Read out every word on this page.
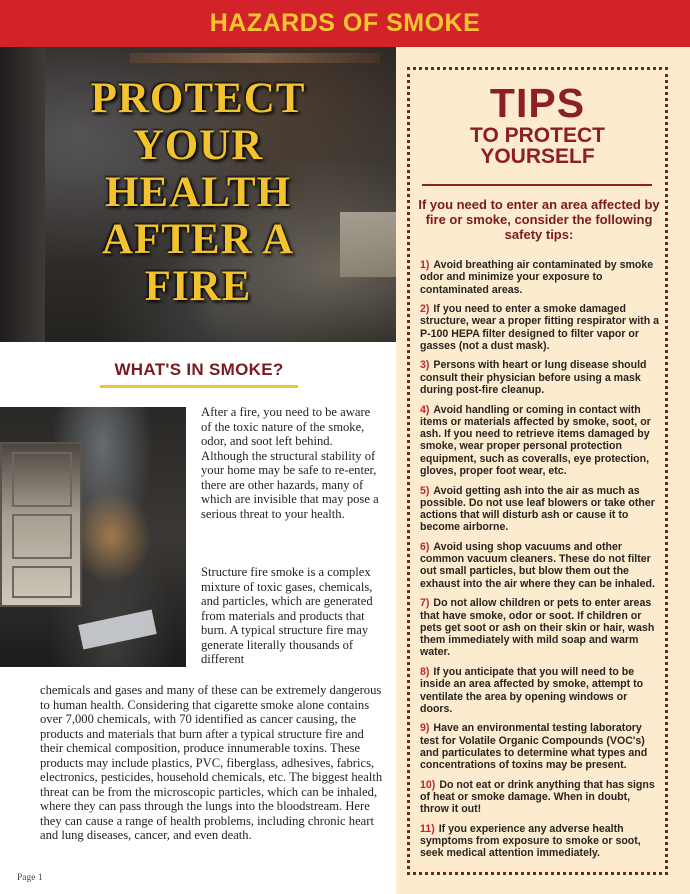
HAZARDS OF SMOKE
PROTECT
YOUR
HEALTH
AFTER A
FIRE
WHAT'S IN SMOKE?

After a fire, you need to be aware of the toxic nature of the smoke, odor, and soot left behind. Although the structural stability of your home may be safe to re-enter, there are other hazards, many of which are invisible that may pose a serious threat to your health.

Structure fire smoke is a complex mixture of toxic gases, chemicals, and particles, which are generated from materials and products that burn. A typical structure fire may generate literally thousands of different

chemicals and gases and many of these can be extremely dangerous to human health. Considering that cigarette smoke alone contains over 7,000 chemicals, with 70 identified as cancer causing, the products and materials that burn after a typical structure fire and their chemical composition, produce innumerable toxins. These products may include plastics, PVC, fiberglass, adhesives, fabrics, electronics, pesticides, household chemicals, etc. The biggest health threat can be from the microscopic particles, which can be inhaled, where they can pass through the lungs into the bloodstream. Here they can cause a range of health problems, including chronic heart and lung diseases, cancer, and even death.

Page 1
TIPS
TO PROTECT
YOURSELF
If you need to enter an area affected by fire or smoke, consider the following safety tips:
1) Avoid breathing air contaminated by smoke odor and minimize your exposure to contaminated areas.
2) If you need to enter a smoke damaged structure, wear a proper fitting respirator with a P-100 HEPA filter designed to filter vapor or gasses (not a dust mask).
3) Persons with heart or lung disease should consult their physician before using a mask during post-fire cleanup.
4) Avoid handling or coming in contact with items or materials affected by smoke, soot, or ash. If you need to retrieve items damaged by smoke, wear proper personal protection equipment, such as coveralls, eye protection, gloves, proper foot wear, etc.
5) Avoid getting ash into the air as much as possible. Do not use leaf blowers or take other actions that will disturb ash or cause it to become airborne.
6) Avoid using shop vacuums and other common vacuum cleaners. These do not filter out small particles, but blow them out the exhaust into the air where they can be inhaled.
7) Do not allow children or pets to enter areas that have smoke, odor or soot. If children or pets get soot or ash on their skin or hair, wash them immediately with mild soap and warm water.
8) If you anticipate that you will need to be inside an area affected by smoke, attempt to ventilate the area by opening windows or doors.
9) Have an environmental testing laboratory test for Volatile Organic Compounds (VOC's) and particulates to determine what types and concentrations of toxins may be present.
10) Do not eat or drink anything that has signs of heat or smoke damage. When in doubt, throw it out!
11) If you experience any adverse health symptoms from exposure to smoke or soot, seek medical attention immediately.
